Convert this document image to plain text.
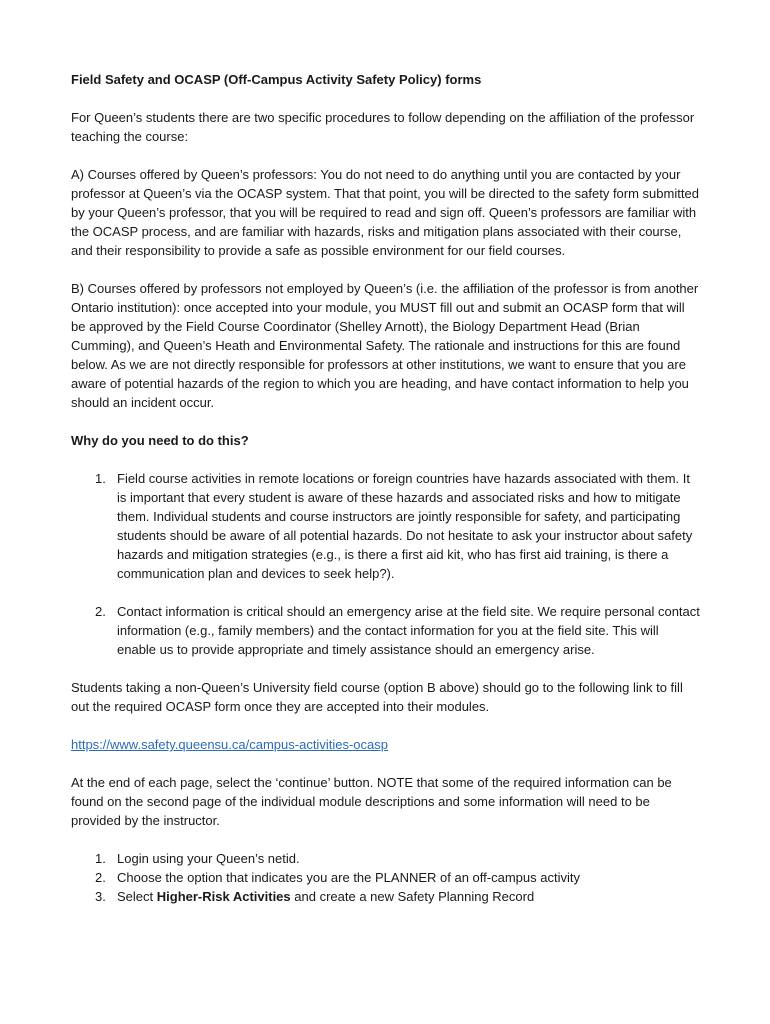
Field Safety and OCASP (Off-Campus Activity Safety Policy) forms

For Queen’s students there are two specific procedures to follow depending on the affiliation of the professor teaching the course:

A) Courses offered by Queen’s professors: You do not need to do anything until you are contacted by your professor at Queen’s via the OCASP system. That that point, you will be directed to the safety form submitted by your Queen’s professor, that you will be required to read and sign off. Queen’s professors are familiar with the OCASP process, and are familiar with hazards, risks and mitigation plans associated with their course, and their responsibility to provide a safe as possible environment for our field courses.

B) Courses offered by professors not employed by Queen’s (i.e. the affiliation of the professor is from another Ontario institution): once accepted into your module, you MUST fill out and submit an OCASP form that will be approved by the Field Course Coordinator (Shelley Arnott), the Biology Department Head (Brian Cumming), and Queen’s Heath and Environmental Safety. The rationale and instructions for this are found below. As we are not directly responsible for professors at other institutions, we want to ensure that you are aware of potential hazards of the region to which you are heading, and have contact information to help you should an incident occur.

Why do you need to do this?

1. Field course activities in remote locations or foreign countries have hazards associated with them. It is important that every student is aware of these hazards and associated risks and how to mitigate them. Individual students and course instructors are jointly responsible for safety, and participating students should be aware of all potential hazards. Do not hesitate to ask your instructor about safety hazards and mitigation strategies (e.g., is there a first aid kit, who has first aid training, is there a communication plan and devices to seek help?).
2. Contact information is critical should an emergency arise at the field site. We require personal contact information (e.g., family members) and the contact information for you at the field site. This will enable us to provide appropriate and timely assistance should an emergency arise.

Students taking a non-Queen’s University field course (option B above) should go to the following link to fill out the required OCASP form once they are accepted into their modules.

https://www.safety.queensu.ca/campus-activities-ocasp

At the end of each page, select the ‘continue’ button. NOTE that some of the required information can be found on the second page of the individual module descriptions and some information will need to be provided by the instructor.

1. Login using your Queen’s netid.
2. Choose the option that indicates you are the PLANNER of an off-campus activity
3. Select Higher-Risk Activities and create a new Safety Planning Record
